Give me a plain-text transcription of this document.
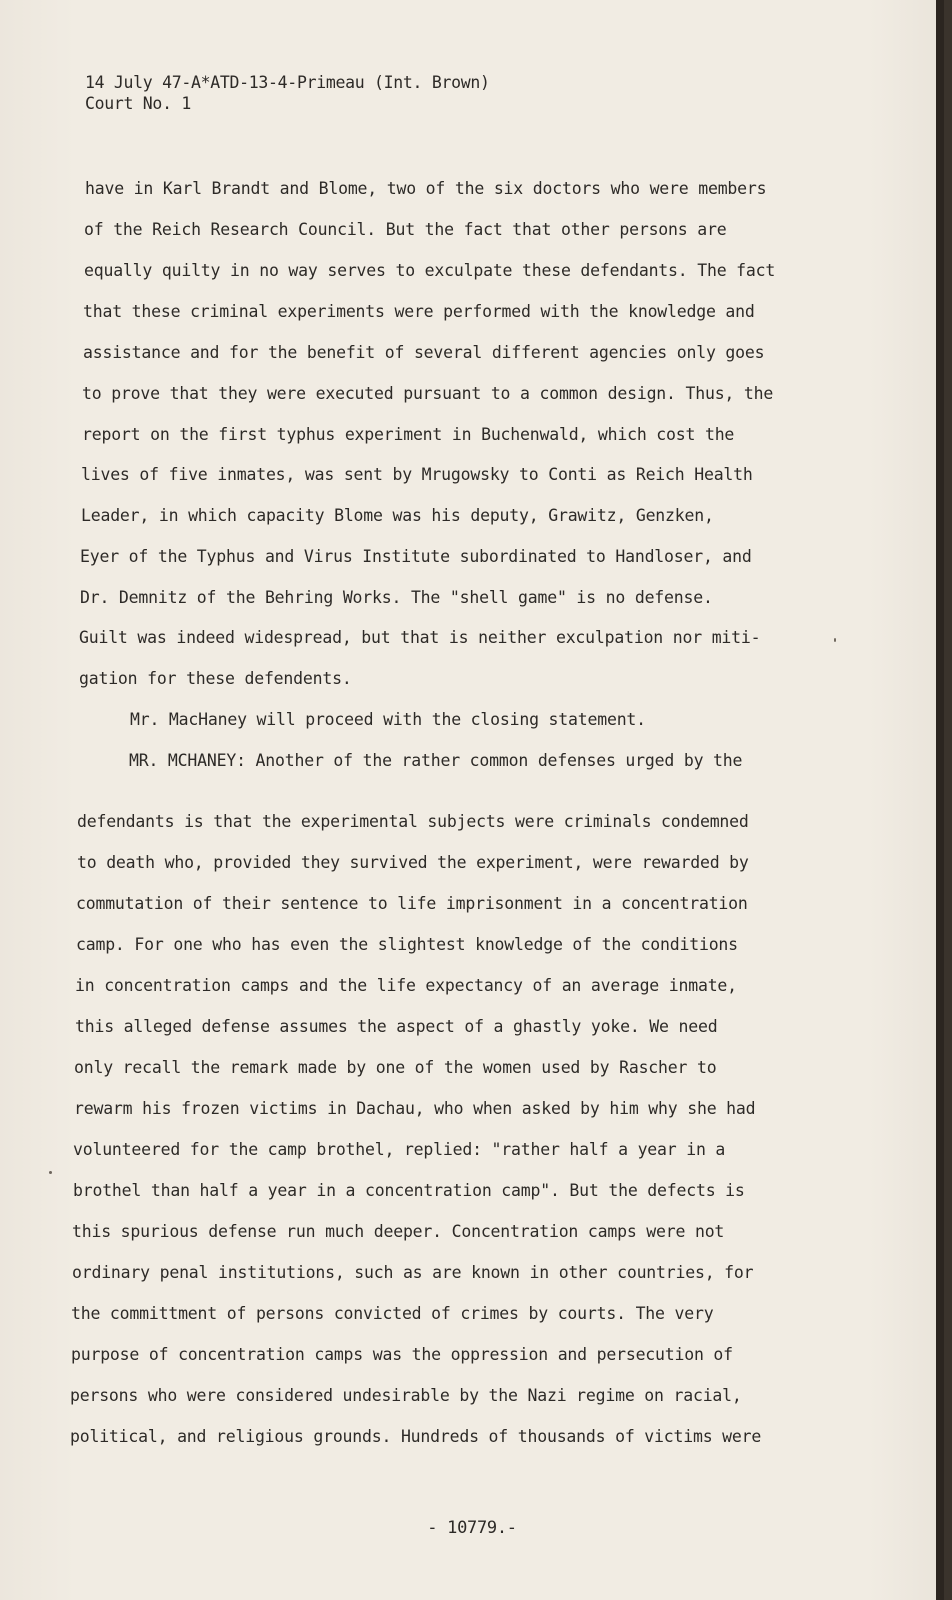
14 July 47-A*ATD-13-4-Primeau (Int. Brown)
Court No. 1
have in Karl Brandt and Blome, two of the six doctors who were members
of the Reich Research Council. But the fact that other persons are
equally quilty in no way serves to exculpate these defendants. The fact
that these criminal experiments were performed with the knowledge and
assistance and for the benefit of several different agencies only goes
to prove that they were executed pursuant to a common design. Thus, the
report on the first typhus experiment in Buchenwald, which cost the
lives of five inmates, was sent by Mrugowsky to Conti as Reich Health
Leader, in which capacity Blome was his deputy, Grawitz, Genzken,
Eyer of the Typhus and Virus Institute subordinated to Handloser, and
Dr. Demnitz of the Behring Works. The "shell game" is no defense.
Guilt was indeed widespread, but that is neither exculpation nor miti-
gation for these defendents.
Mr. MacHaney will proceed with the closing statement.
MR. MCHANEY: Another of the rather common defenses urged by the
defendants is that the experimental subjects were criminals condemned
to death who, provided they survived the experiment, were rewarded by
commutation of their sentence to life imprisonment in a concentration
camp. For one who has even the slightest knowledge of the conditions
in concentration camps and the life expectancy of an average inmate,
this alleged defense assumes the aspect of a ghastly yoke. We need
only recall the remark made by one of the women used by Rascher to
rewarm his frozen victims in Dachau, who when asked by him why she had
volunteered for the camp brothel, replied: "rather half a year in a
brothel than half a year in a concentration camp". But the defects is
this spurious defense run much deeper. Concentration camps were not
ordinary penal institutions, such as are known in other countries, for
the committment of persons convicted of crimes by courts. The very
purpose of concentration camps was the oppression and persecution of
persons who were considered undesirable by the Nazi regime on racial,
political, and religious grounds. Hundreds of thousands of victims were
- 10779.-
